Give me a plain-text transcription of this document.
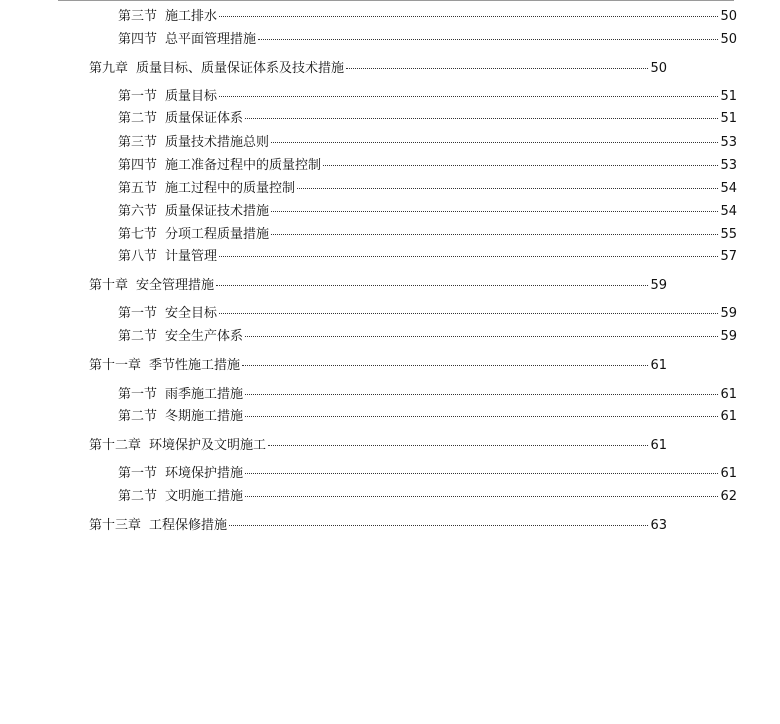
第三节 施工排水	50
第四节 总平面管理措施	50
第九章 质量目标、质量保证体系及技术措施	50
第一节 质量目标	51
第二节 质量保证体系	51
第三节 质量技术措施总则	53
第四节 施工准备过程中的质量控制	53
第五节 施工过程中的质量控制	54
第六节 质量保证技术措施	54
第七节 分项工程质量措施	55
第八节 计量管理	57
第十章 安全管理措施	59
第一节 安全目标	59
第二节 安全生产体系	59
第十一章 季节性施工措施	61
第一节 雨季施工措施	61
第二节 冬期施工措施	61
第十二章 环境保护及文明施工	61
第一节 环境保护措施	61
第二节 文明施工措施	62
第十三章 工程保修措施	63
